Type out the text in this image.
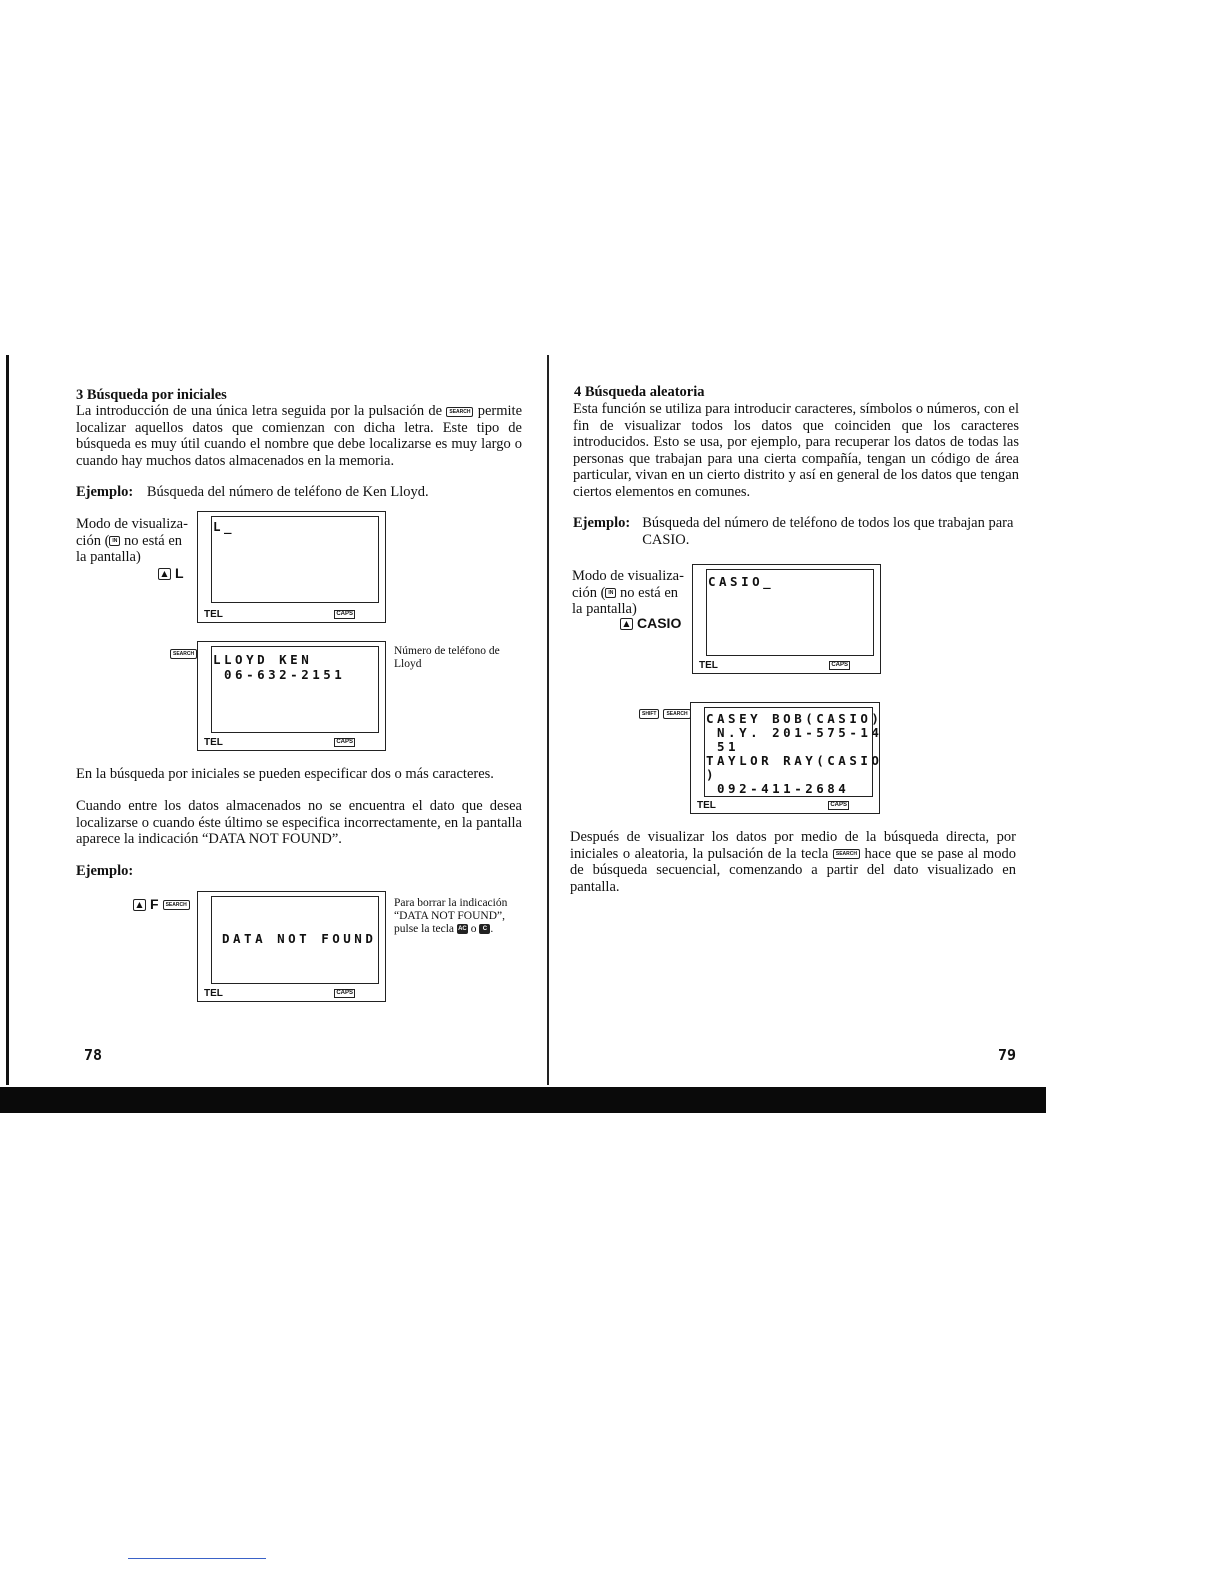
3 Búsqueda por iniciales
La introducción de una única letra seguida por la pulsación de SEARCH permite localizar aquellos datos que comienzan con dicha letra. Este tipo de búsqueda es muy útil cuando el nombre que debe localizarse es muy largo o cuando hay muchos datos almacenados en la memoria.
Ejemplo: Búsqueda del número de teléfono de Ken Lloyd.
Modo de visualiza-
ción ( IN no está en
la pantalla)
▲ L
L_
TEL	CAPS
SEARCH LLOYD KEN
06-632-2151
TEL	CAPS
Número de teléfono de Lloyd
En la búsqueda por iniciales se pueden especificar dos o más caracteres.
Cuando entre los datos almacenados no se encuentra el dato que desea localizarse o cuando éste último se especifica incorrectamente, en la pantalla aparece la indicación “DATA NOT FOUND”.
Ejemplo:
▲ F SEARCH
DATA NOT FOUND
TEL	CAPS
Para borrar la indicación
“DATA NOT FOUND”,
pulse la tecla AC o C .
78
4 Búsqueda aleatoria
Esta función se utiliza para introducir caracteres, símbolos o números, con el fin de visualizar todos los datos que coinciden que los caracteres introducidos. Esto se usa, por ejemplo, para recuperar los datos de todas las personas que trabajan para una cierta compañía, tengan un código de área particular, vivan en un cierto distrito y así en general de los datos que tengan ciertos elementos en comunes.
Ejemplo: Búsqueda del número de teléfono de todos los que trabajan para CASIO.
Modo de visualiza-
ción ( IN no está en
la pantalla)
▲ CASIO
CASIO_
TEL	CAPS
SHIFT SEARCH CASEY BOB(CASIO)
N.Y. 201-575-14
51
TAYLOR RAY(CASIO
)
092-411-2684
TEL	CAPS
Después de visualizar los datos por medio de la búsqueda directa, por iniciales o aleatoria, la pulsación de la tecla SEARCH hace que se pase al modo de búsqueda secuencial, comenzando a partir del dato visualizado en pantalla.
79
